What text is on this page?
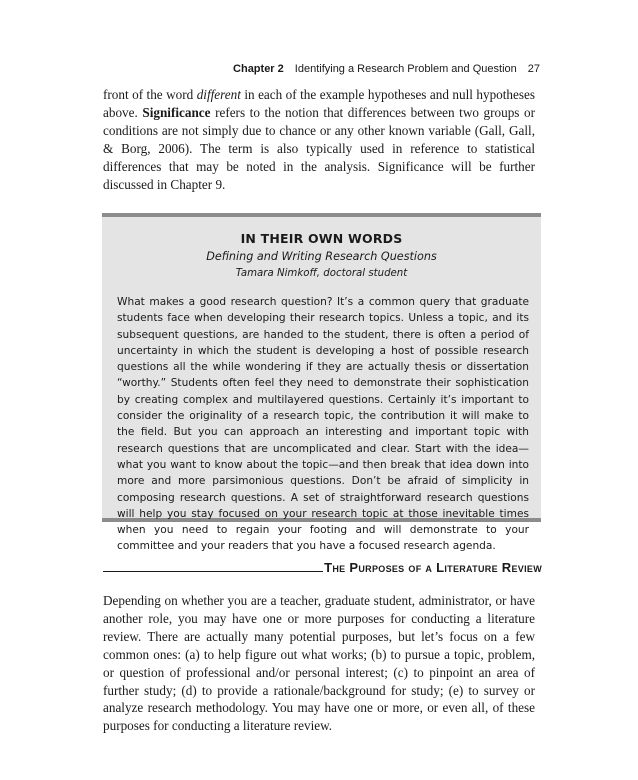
Chapter 2 Identifying a Research Problem and Question 27

front of the word different in each of the example hypotheses and null hypotheses above. Significance refers to the notion that differences between two groups or conditions are not simply due to chance or any other known variable (Gall, Gall, & Borg, 2006). The term is also typically used in reference to statistical differences that may be noted in the analysis. Significance will be further discussed in Chapter 9.

IN THEIR OWN WORDS
Defining and Writing Research Questions
Tamara Nimkoff, doctoral student

What makes a good research question? It’s a common query that graduate students face when developing their research topics. Unless a topic, and its subsequent questions, are handed to the student, there is often a period of uncertainty in which the student is developing a host of possible research questions all the while wondering if they are actually thesis or dissertation “worthy.” Students often feel they need to demonstrate their sophistication by creating complex and multilayered questions. Certainly it’s important to consider the originality of a research topic, the contribution it will make to the field. But you can approach an interesting and important topic with research questions that are uncomplicated and clear. Start with the idea—what you want to know about the topic—and then break that idea down into more and more parsimonious questions. Don’t be afraid of simplicity in composing research questions. A set of straightforward research questions will help you stay focused on your research topic at those inevitable times when you need to regain your footing and will demonstrate to your committee and your readers that you have a focused research agenda.

The Purposes of a Literature Review

Depending on whether you are a teacher, graduate student, administrator, or have another role, you may have one or more purposes for conducting a literature review. There are actually many potential purposes, but let’s focus on a few common ones: (a) to help figure out what works; (b) to pursue a topic, problem, or question of professional and/or personal interest; (c) to pinpoint an area of further study; (d) to provide a rationale/background for study; (e) to survey or analyze research methodology. You may have one or more, or even all, of these purposes for conducting a literature review.
